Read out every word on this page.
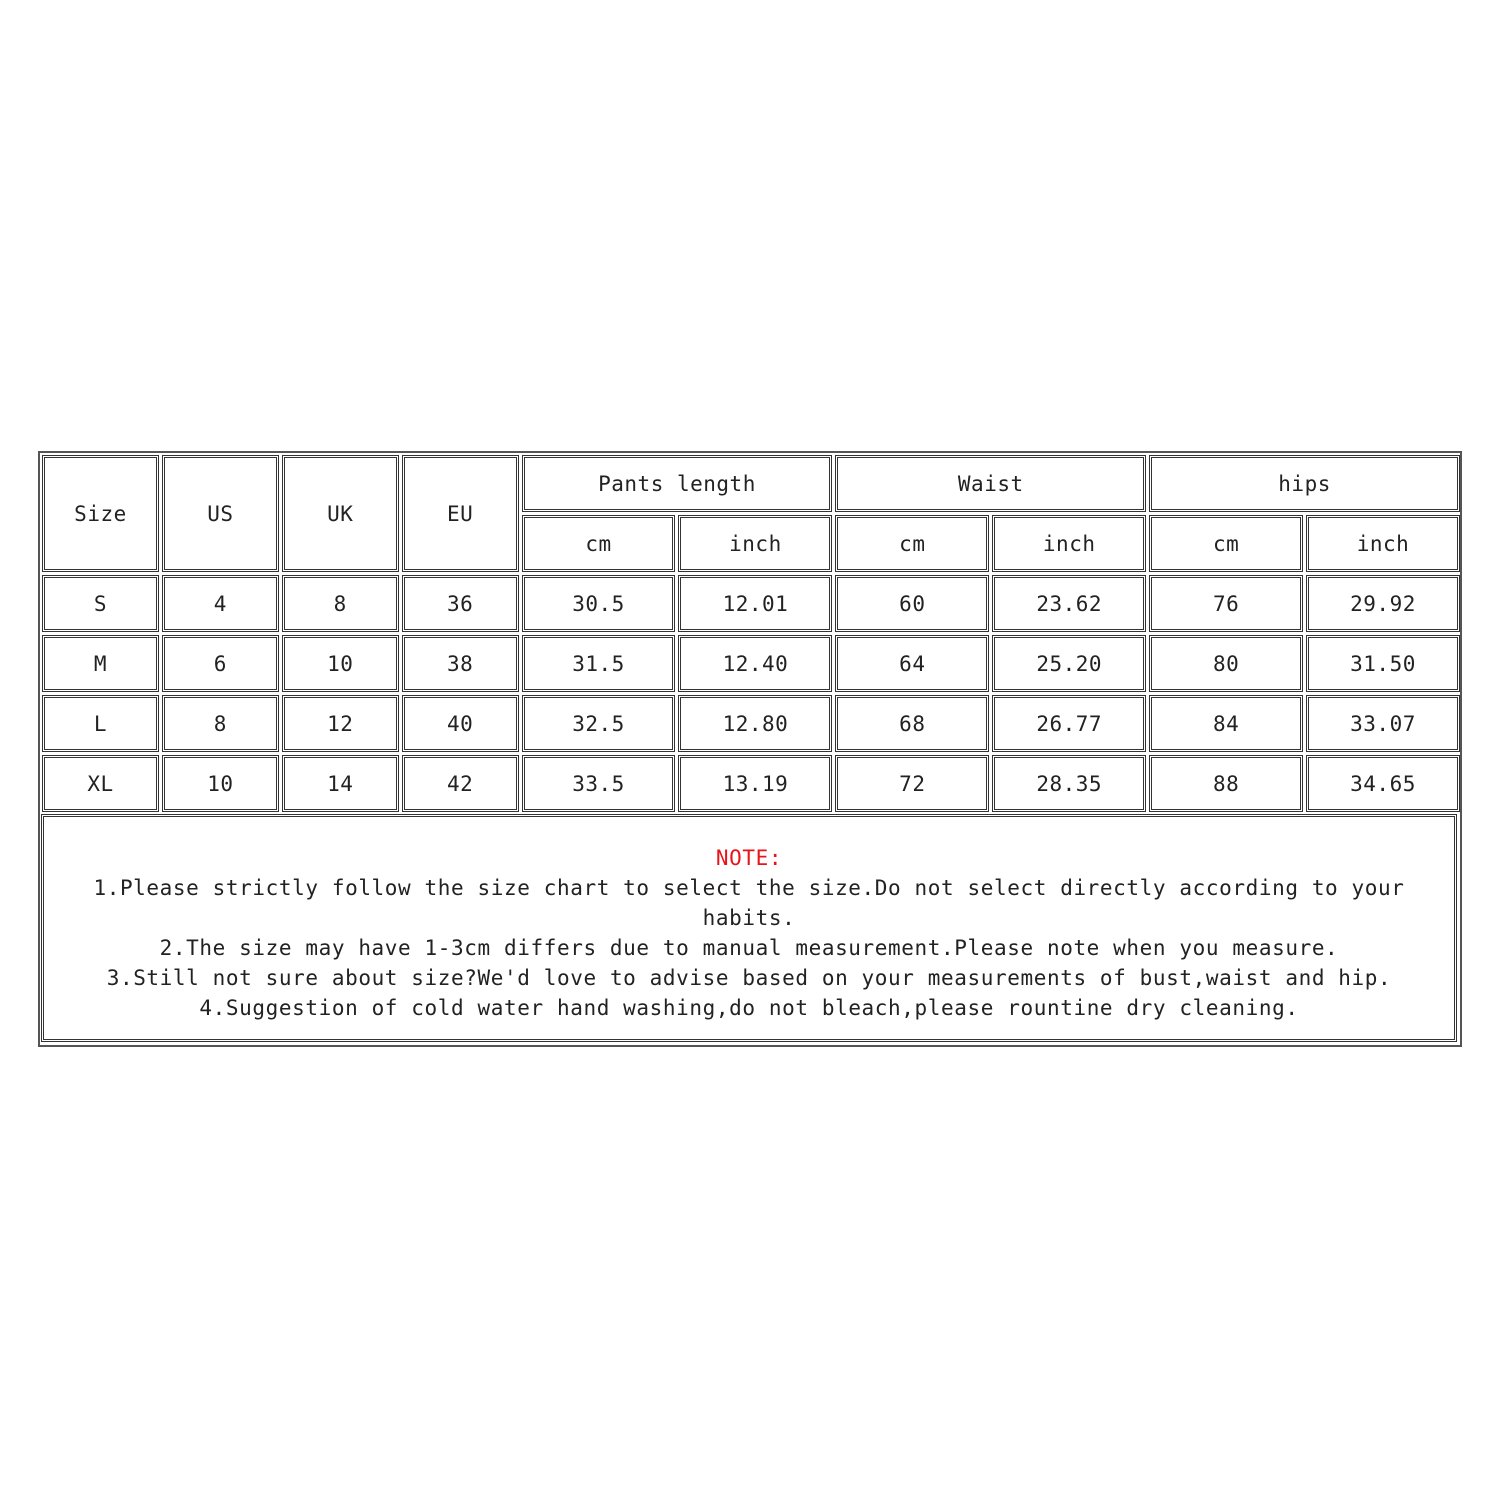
Size	US	UK	EU	Pants length		Waist		hips	
				cm	inch	cm	inch	cm	inch
S	4	8	36	30.5	12.01	60	23.62	76	29.92
M	6	10	38	31.5	12.40	64	25.20	80	31.50
L	8	12	40	32.5	12.80	68	26.77	84	33.07
XL	10	14	42	33.5	13.19	72	28.35	88	34.65
NOTE:
1.Please strictly follow the size chart to select the size.Do not select directly according to your habits.
2.The size may have 1-3cm differs due to manual measurement.Please note when you measure.
3.Still not sure about size?We'd love to advise based on your measurements of bust,waist and hip.
4.Suggestion of cold water hand washing,do not bleach,please rountine dry cleaning.
